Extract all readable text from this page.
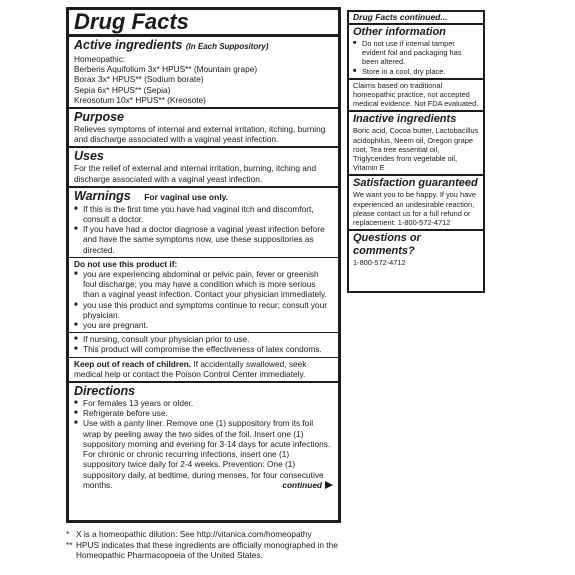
Drug Facts
Active ingredients (In Each Suppository)
Homeopathic:
Berberis Aquifolium 3x* HPUS** (Mountain grape)
Borax 3x* HPUS** (Sodium borate)
Sepia 6x* HPUS** (Sepia)
Kreosotum 10x* HPUS** (Kreosote)
Purpose
Relieves symptoms of internal and external irritation, itching, burning and discharge associated with a vaginal yeast infection.
Uses
For the relief of external and internal irritation, burning, itching and discharge associated with a vaginal yeast infection.
Warnings For vaginal use only.
■ If this is the first time you have had vaginal itch and discomfort, consult a doctor.
■ If you have had a doctor diagnose a vaginal yeast infection before and have the same symptoms now, use these suppositories as directed.
Do not use this product if:
■ you are experiencing abdominal or pelvic pain, fever or greenish foul discharge; you may have a condition which is more serious than a vaginal yeast infection. Contact your physician immediately.
■ you use this product and symptoms continue to recur; consult your physician.
■ you are pregnant.
■ If nursing, consult your physician prior to use.
■ This product will compromise the effectiveness of latex condoms.
Keep out of reach of children. If accidentally swallowed, seek medical help or contact the Poison Control Center immediately.
Directions
■ For females 13 years or older.
■ Refrigerate before use.
■ Use with a panty liner. Remove one (1) suppository from its foil wrap by peeling away the two sides of the foil. Insert one (1) suppository morning and evening for 3-14 days for acute infections. For chronic or chronic recurring infections, insert one (1) suppository twice daily for 2-4 weeks. Prevention: One (1) suppository daily, at bedtime, during menses, for four consecutive months.	continued
* X is a homeopathic dilution: See http://vitanica.com/homeopathy
** HPUS indicates that these ingredients are officially monographed in the Homeopathic Pharmacopoeia of the United States.
Drug Facts continued...
Other information
■ Do not use if internal tamper evident foil and packaging has been altered.
■ Store in a cool, dry place.
Claims based on traditional homeopathic practice, not accepted medical evidence. Not FDA evaluated.
Inactive ingredients
Boric acid, Cocoa butter, Lactobacillus acidophilus, Neem oil, Oregon grape root, Tea tree essential oil, Triglycerides from vegetable oil, Vitamin E
Satisfaction guaranteed
We want you to be happy. If you have experienced an undesirable reaction, please contact us for a full refund or replacement: 1-800-572-4712
Questions or comments?
1-800-572-4712
